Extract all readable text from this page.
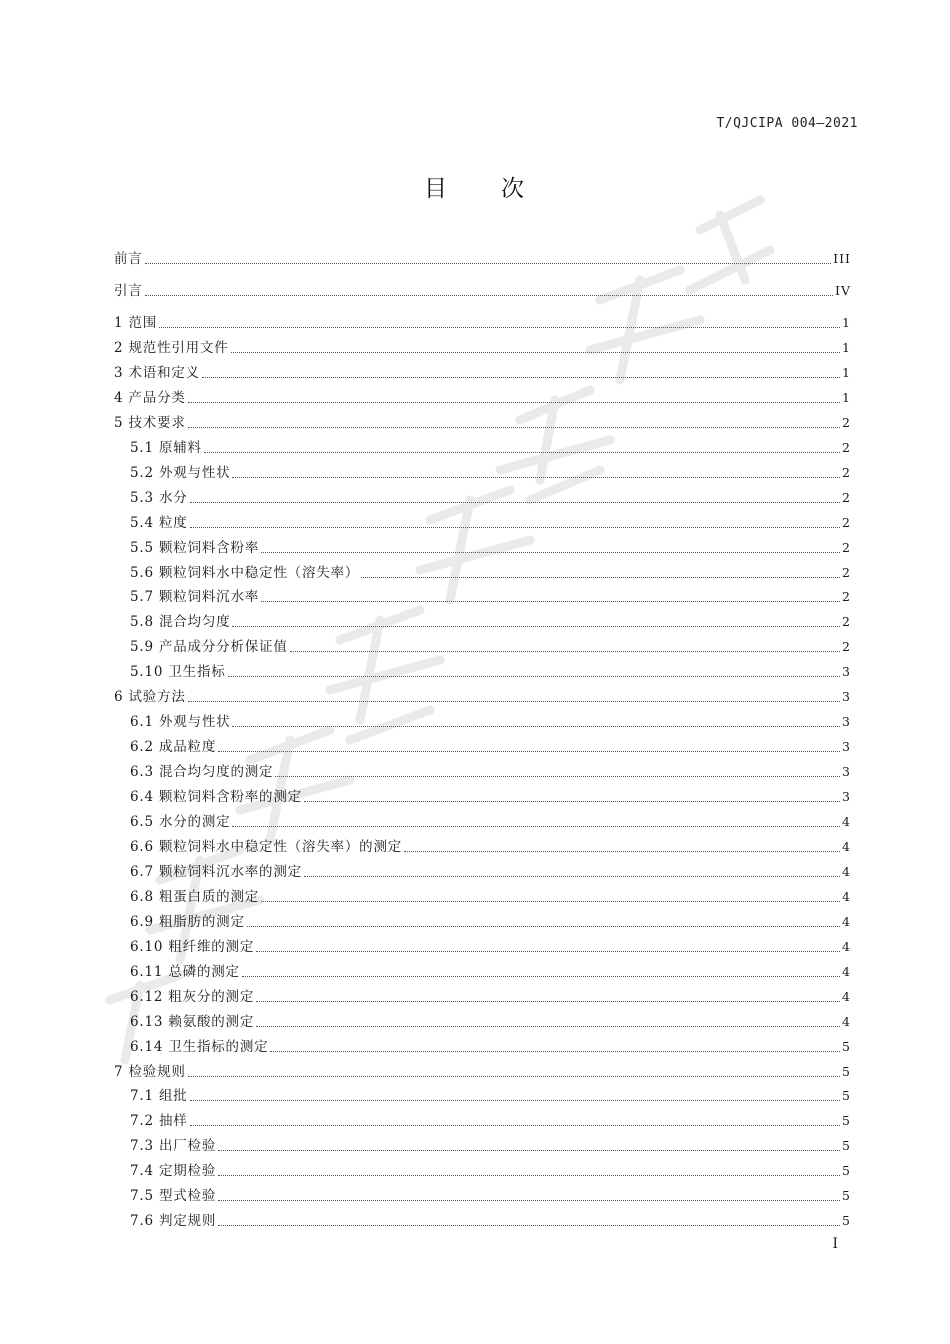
T/QJCIPA 004—2021
目 次
前言	III
引言	IV
1 范围	1
2 规范性引用文件	1
3 术语和定义	1
4 产品分类	1
5 技术要求	2
5.1 原辅料	2
5.2 外观与性状	2
5.3 水分	2
5.4 粒度	2
5.5 颗粒饲料含粉率	2
5.6 颗粒饲料水中稳定性（溶失率）	2
5.7 颗粒饲料沉水率	2
5.8 混合均匀度	2
5.9 产品成分分析保证值	2
5.10 卫生指标	3
6 试验方法	3
6.1 外观与性状	3
6.2 成品粒度	3
6.3 混合均匀度的测定	3
6.4 颗粒饲料含粉率的测定	3
6.5 水分的测定	4
6.6 颗粒饲料水中稳定性（溶失率）的测定	4
6.7 颗粒饲料沉水率的测定	4
6.8 粗蛋白质的测定	4
6.9 粗脂肪的测定	4
6.10 粗纤维的测定	4
6.11 总磷的测定	4
6.12 粗灰分的测定	4
6.13 赖氨酸的测定	4
6.14 卫生指标的测定	5
7 检验规则	5
7.1 组批	5
7.2 抽样	5
7.3 出厂检验	5
7.4 定期检验	5
7.5 型式检验	5
7.6 判定规则	5
I
